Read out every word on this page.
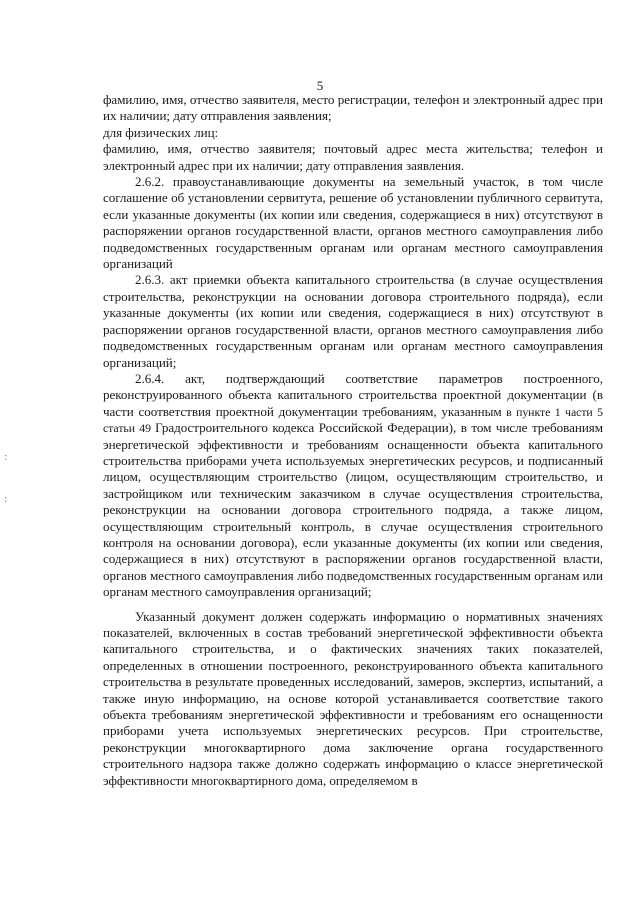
5
:
:

фамилию, имя, отчество заявителя, место регистрации, телефон и электронный адрес при их наличии; дату отправления заявления;

для физических лиц:

фамилию, имя, отчество заявителя; почтовый адрес места жительства; телефон и электронный адрес при их наличии; дату отправления заявления.

2.6.2. правоустанавливающие документы на земельный участок, в том числе соглашение об установлении сервитута, решение об установлении публичного сервитута, если указанные документы (их копии или сведения, содержащиеся в них) отсутствуют в распоряжении органов государственной власти, органов местного самоуправления либо подведомственных государственным органам или органам местного самоуправления организаций

2.6.3. акт приемки объекта капитального строительства (в случае осуществления строительства, реконструкции на основании договора строительного подряда), если указанные документы (их копии или сведения, содержащиеся в них) отсутствуют в распоряжении органов государственной власти, органов местного самоуправления либо подведомственных государственным органам или органам местного самоуправления организаций;

2.6.4. акт, подтверждающий соответствие параметров построенного, реконструированного объекта капитального строительства проектной документации (в части соответствия проектной документации требованиям, указанным в пункте 1 части 5 статьи 49 Градостроительного кодекса Российской Федерации), в том числе требованиям энергетической эффективности и требованиям оснащенности объекта капитального строительства приборами учета используемых энергетических ресурсов, и подписанный лицом, осуществляющим строительство (лицом, осуществляющим строительство, и застройщиком или техническим заказчиком в случае осуществления строительства, реконструкции на основании договора строительного подряда, а также лицом, осуществляющим строительный контроль, в случае осуществления строительного контроля на основании договора), если указанные документы (их копии или сведения, содержащиеся в них) отсутствуют в распоряжении органов государственной власти, органов местного самоуправления либо подведомственных государственным органам или органам местного самоуправления организаций;

Указанный документ должен содержать информацию о нормативных значениях показателей, включенных в состав требований энергетической эффективности объекта капитального строительства, и о фактических значениях таких показателей, определенных в отношении построенного, реконструированного объекта капитального строительства в результате проведенных исследований, замеров, экспертиз, испытаний, а также иную информацию, на основе которой устанавливается соответствие такого объекта требованиям энергетической эффективности и требованиям его оснащенности приборами учета используемых энергетических ресурсов. При строительстве, реконструкции многоквартирного дома заключение органа государственного строительного надзора также должно содержать информацию о классе энергетической эффективности многоквартирного дома, определяемом в
